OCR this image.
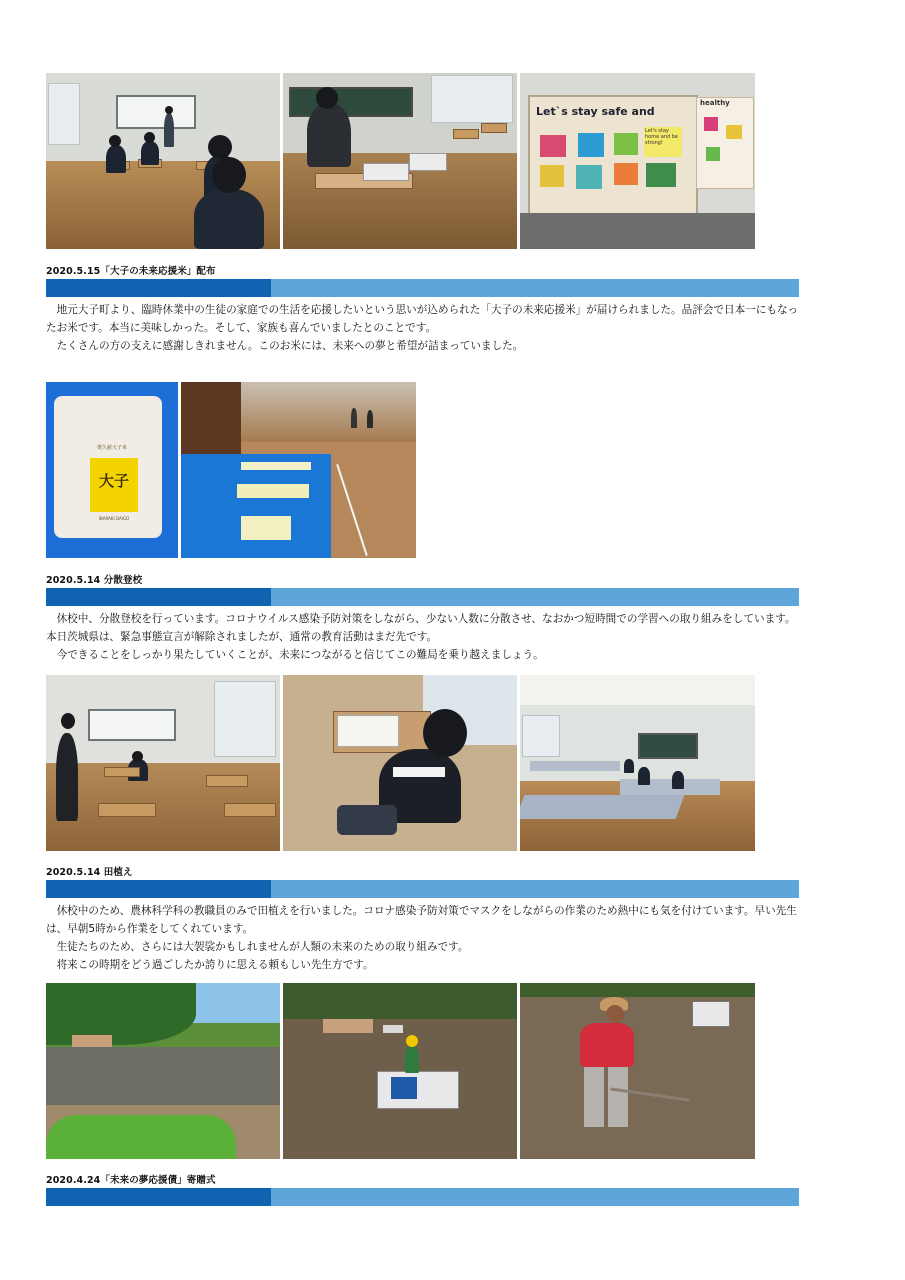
Let`s stay safe and
Let's stay home and be strong!
healthy
2020.5.15「大子の未来応援米」配布

地元大子町より、臨時休業中の生徒の家庭での生活を応援したいという思いが込められた「大子の未来応援米」が届けられました。品評会で日本一にもなったお米です。本当に美味しかった。そして、家族も喜んでいましたとのことです。

たくさんの方の支えに感謝しきれません。このお米には、未来への夢と希望が詰まっていました。

奥久慈大子米
大子
IBARAKI DAIGO
2020.5.14 分散登校

休校中、分散登校を行っています。コロナウイルス感染予防対策をしながら、少ない人数に分散させ、なおかつ短時間での学習への取り組みをしています。本日茨城県は、緊急事態宣言が解除されましたが、通常の教育活動はまだ先です。

今できることをしっかり果たしていくことが、未来につながると信じてこの難局を乗り越えましょう。

2020.5.14 田植え

休校中のため、農林科学科の教職員のみで田植えを行いました。コロナ感染予防対策でマスクをしながらの作業のため熱中にも気を付けています。早い先生は、早朝5時から作業をしてくれています。

生徒たちのため、さらには大袈裟かもしれませんが人類の未来のための取り組みです。

将来この時期をどう過ごしたか誇りに思える頼もしい先生方です。

2020.4.24「未来の夢応援債」寄贈式
